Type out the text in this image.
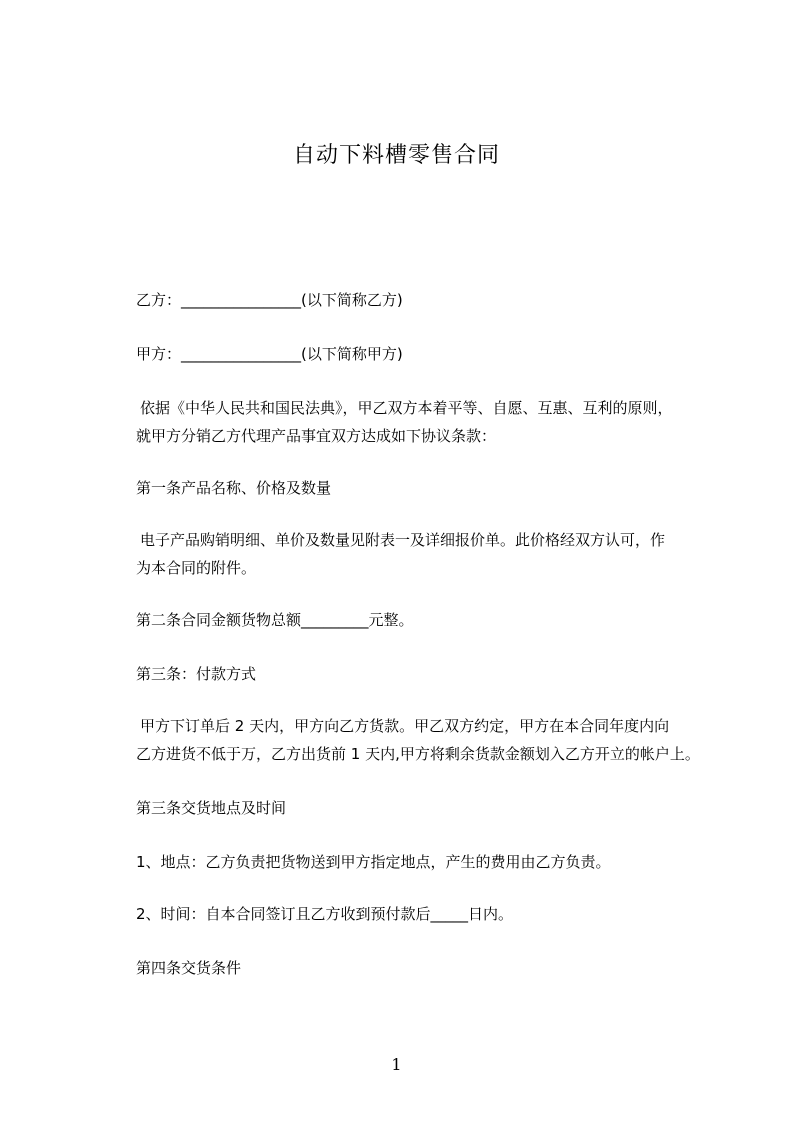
自动下料槽零售合同
乙方：________________(以下简称乙方)
甲方：________________(以下简称甲方)
依据《中华人民共和国民法典》，甲乙双方本着平等、自愿、互惠、互利的原则，
就甲方分销乙方代理产品事宜双方达成如下协议条款：
第一条产品名称、价格及数量
电子产品购销明细、单价及数量见附表一及详细报价单。此价格经双方认可，作
为本合同的附件。
第二条合同金额货物总额_________元整。
第三条：付款方式
甲方下订单后 2 天内，甲方向乙方货款。甲乙双方约定，甲方在本合同年度内向
乙方进货不低于万，乙方出货前 1 天内,甲方将剩余货款金额划入乙方开立的帐户上。
第三条交货地点及时间
1、地点：乙方负责把货物送到甲方指定地点，产生的费用由乙方负责。
2、时间：自本合同签订且乙方收到预付款后_____日内。
第四条交货条件
1
